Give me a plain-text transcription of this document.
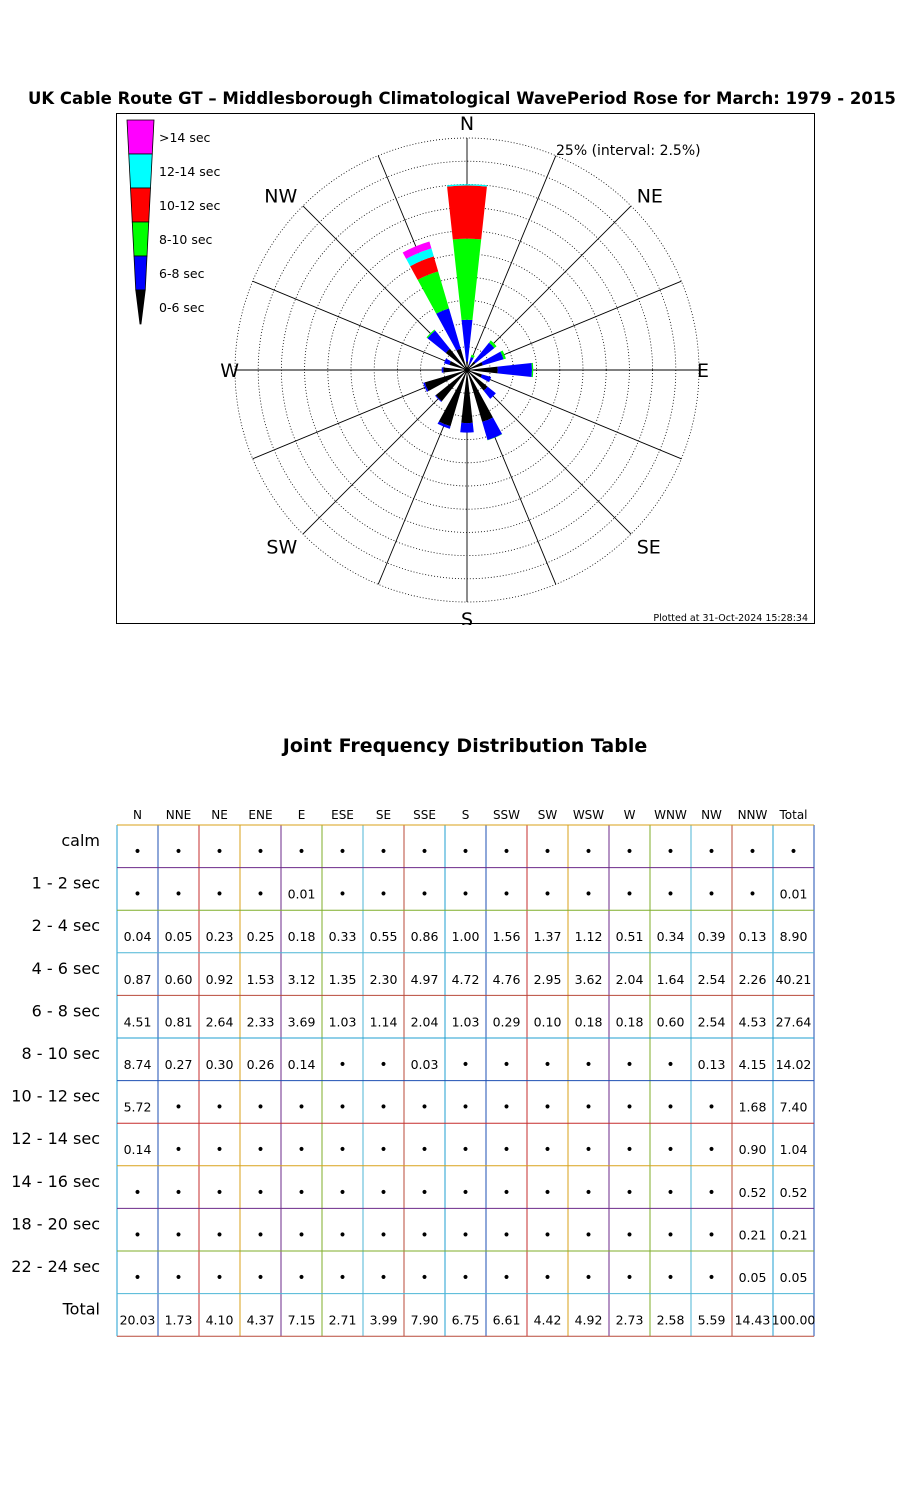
UK Cable Route GT – Middlesborough Climatological WavePeriod Rose for March: 1979 - 2015
N
NE
E
SE
S
SW
W
NW
>14 sec
12-14 sec
10-12 sec
8-10 sec
6-8 sec
0-6 sec
25% (interval: 2.5%)
Plotted at 31-Oct-2024 15:28:34
Joint Frequency Distribution Table
N NNE NE ENE E ESE SE SSE S SSW SW WSW W WNW NW NNW Total
calm
• • • • • • • • • • • • • • • • •
1 - 2 sec
• • • • 0.01 • • • • • • • • • • • 0.01
2 - 4 sec
0.04 0.05 0.23 0.25 0.18 0.33 0.55 0.86 1.00 1.56 1.37 1.12 0.51 0.34 0.39 0.13 8.90
4 - 6 sec
0.87 0.60 0.92 1.53 3.12 1.35 2.30 4.97 4.72 4.76 2.95 3.62 2.04 1.64 2.54 2.26 40.21
6 - 8 sec
4.51 0.81 2.64 2.33 3.69 1.03 1.14 2.04 1.03 0.29 0.10 0.18 0.18 0.60 2.54 4.53 27.64
8 - 10 sec
8.74 0.27 0.30 0.26 0.14 • • 0.03 • • • • • • 0.13 4.15 14.02
10 - 12 sec
5.72 • • • • • • • • • • • • • • 1.68 7.40
12 - 14 sec
0.14 • • • • • • • • • • • • • • 0.90 1.04
14 - 16 sec
• • • • • • • • • • • • • • • 0.52 0.52
18 - 20 sec
• • • • • • • • • • • • • • • 0.21 0.21
22 - 24 sec
• • • • • • • • • • • • • • • 0.05 0.05
Total
20.03 1.73 4.10 4.37 7.15 2.71 3.99 7.90 6.75 6.61 4.42 4.92 2.73 2.58 5.59 14.43 100.00
